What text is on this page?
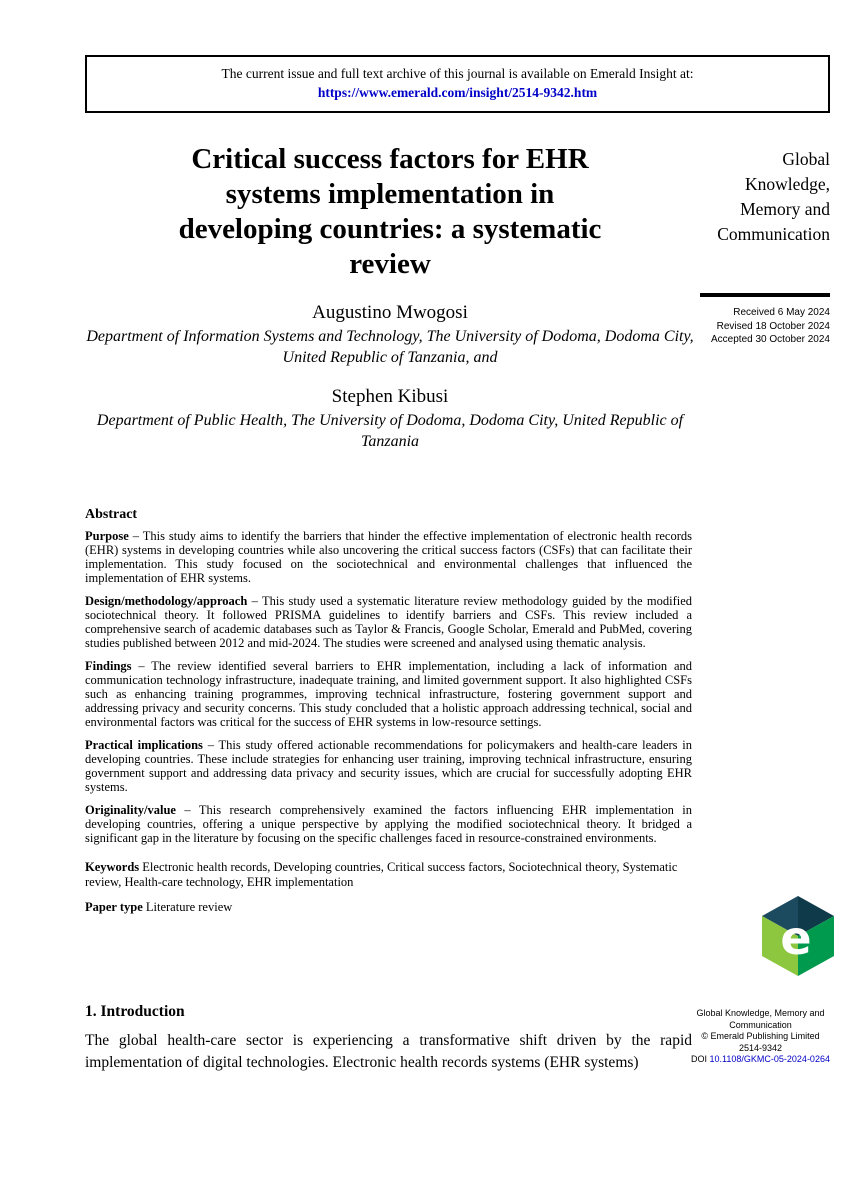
The current issue and full text archive of this journal is available on Emerald Insight at:
https://www.emerald.com/insight/2514-9342.htm
Critical success factors for EHR
systems implementation in
developing countries: a systematic
review
Global
Knowledge,
Memory and
Communication
Received 6 May 2024
Revised 18 October 2024
Accepted 30 October 2024
Augustino Mwogosi
Department of Information Systems and Technology, The University of Dodoma, Dodoma City, United Republic of Tanzania, and
Stephen Kibusi
Department of Public Health, The University of Dodoma, Dodoma City, United Republic of Tanzania
Abstract

Purpose – This study aims to identify the barriers that hinder the effective implementation of electronic health records (EHR) systems in developing countries while also uncovering the critical success factors (CSFs) that can facilitate their implementation. This study focused on the sociotechnical and environmental challenges that influenced the implementation of EHR systems.

Design/methodology/approach – This study used a systematic literature review methodology guided by the modified sociotechnical theory. It followed PRISMA guidelines to identify barriers and CSFs. This review included a comprehensive search of academic databases such as Taylor & Francis, Google Scholar, Emerald and PubMed, covering studies published between 2012 and mid-2024. The studies were screened and analysed using thematic analysis.

Findings – The review identified several barriers to EHR implementation, including a lack of information and communication technology infrastructure, inadequate training, and limited government support. It also highlighted CSFs such as enhancing training programmes, improving technical infrastructure, fostering government support and addressing privacy and security concerns. This study concluded that a holistic approach addressing technical, social and environmental factors was critical for the success of EHR systems in low-resource settings.

Practical implications – This study offered actionable recommendations for policymakers and health-care leaders in developing countries. These include strategies for enhancing user training, improving technical infrastructure, ensuring government support and addressing data privacy and security issues, which are crucial for successfully adopting EHR systems.

Originality/value – This research comprehensively examined the factors influencing EHR implementation in developing countries, offering a unique perspective by applying the modified sociotechnical theory. It bridged a significant gap in the literature by focusing on the specific challenges faced in resource-constrained environments.

Keywords Electronic health records, Developing countries, Critical success factors, Sociotechnical theory, Systematic review, Health-care technology, EHR implementation

Paper type Literature review

1. Introduction

The global health-care sector is experiencing a transformative shift driven by the rapid implementation of digital technologies. Electronic health records systems (EHR systems)

e
Global Knowledge, Memory and
Communication
© Emerald Publishing Limited
2514-9342
DOI 10.1108/GKMC-05-2024-0264
